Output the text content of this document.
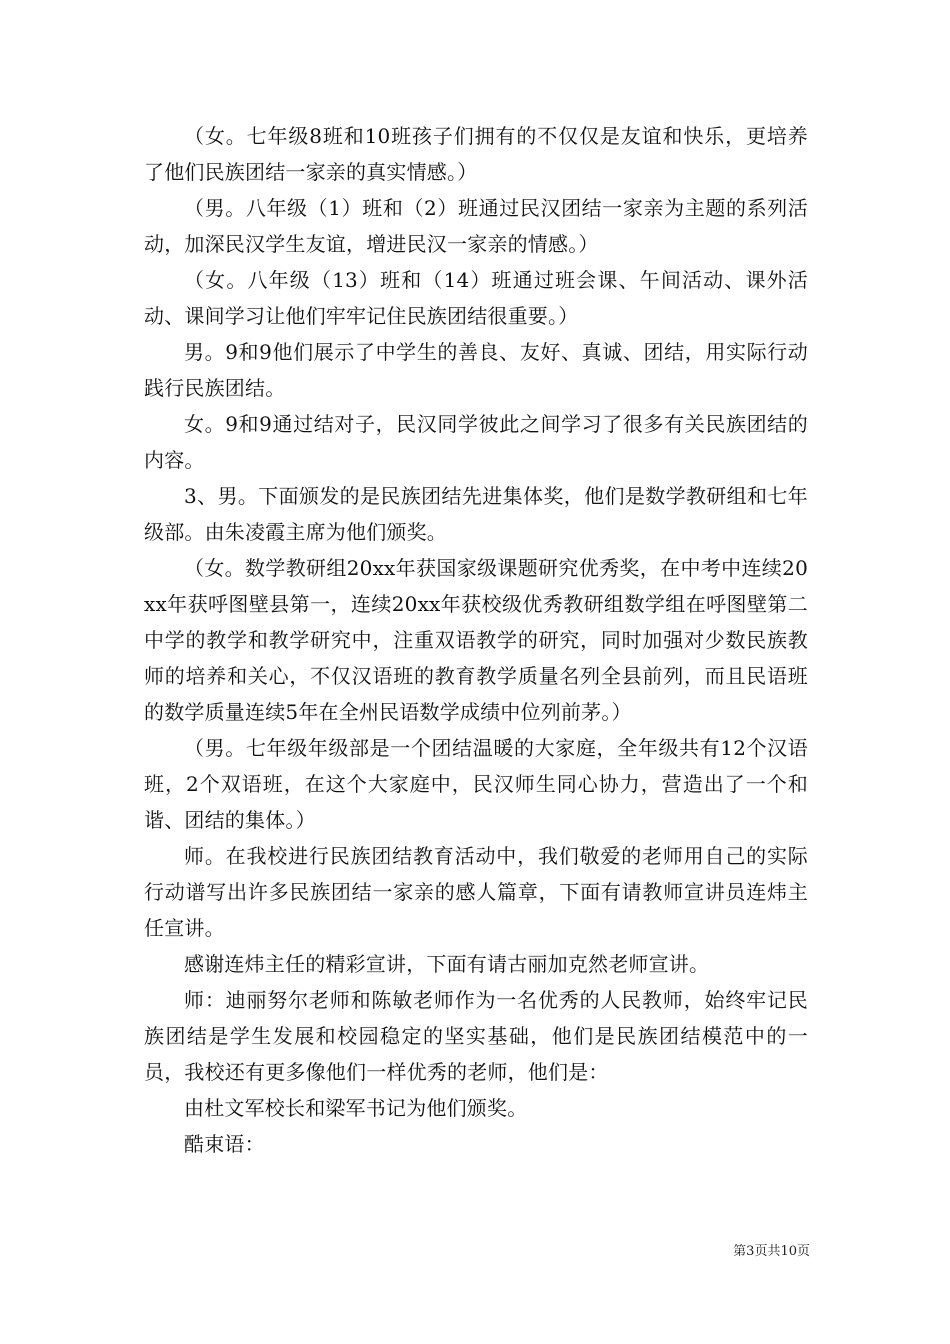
（女。七年级8班和10班孩子们拥有的不仅仅是友谊和快乐，更培养了他们民族团结一家亲的真实情感。）

（男。八年级（1）班和（2）班通过民汉团结一家亲为主题的系列活动，加深民汉学生友谊，增进民汉一家亲的情感。）

（女。八年级（13）班和（14）班通过班会课、午间活动、课外活动、课间学习让他们牢牢记住民族团结很重要。）

男。9和9他们展示了中学生的善良、友好、真诚、团结，用实际行动践行民族团结。

女。9和9通过结对子，民汉同学彼此之间学习了很多有关民族团结的内容。

3、男。下面颁发的是民族团结先进集体奖，他们是数学教研组和七年级部。由朱凌霞主席为他们颁奖。

（女。数学教研组20xx年获国家级课题研究优秀奖，在中考中连续20xx年获呼图壁县第一，连续20xx年获校级优秀教研组数学组在呼图壁第二中学的教学和教学研究中，注重双语教学的研究，同时加强对少数民族教师的培养和关心，不仅汉语班的教育教学质量名列全县前列，而且民语班的数学质量连续5年在全州民语数学成绩中位列前茅。）

（男。七年级年级部是一个团结温暖的大家庭，全年级共有12个汉语班，2个双语班，在这个大家庭中，民汉师生同心协力，营造出了一个和谐、团结的集体。）

师。在我校进行民族团结教育活动中，我们敬爱的老师用自己的实际行动谱写出许多民族团结一家亲的感人篇章，下面有请教师宣讲员连炜主任宣讲。

感谢连炜主任的精彩宣讲，下面有请古丽加克然老师宣讲。

师：迪丽努尔老师和陈敏老师作为一名优秀的人民教师，始终牢记民族团结是学生发展和校园稳定的坚实基础，他们是民族团结模范中的一员，我校还有更多像他们一样优秀的老师，他们是：

由杜文军校长和梁军书记为他们颁奖。

酷束语：

第3页共10页
